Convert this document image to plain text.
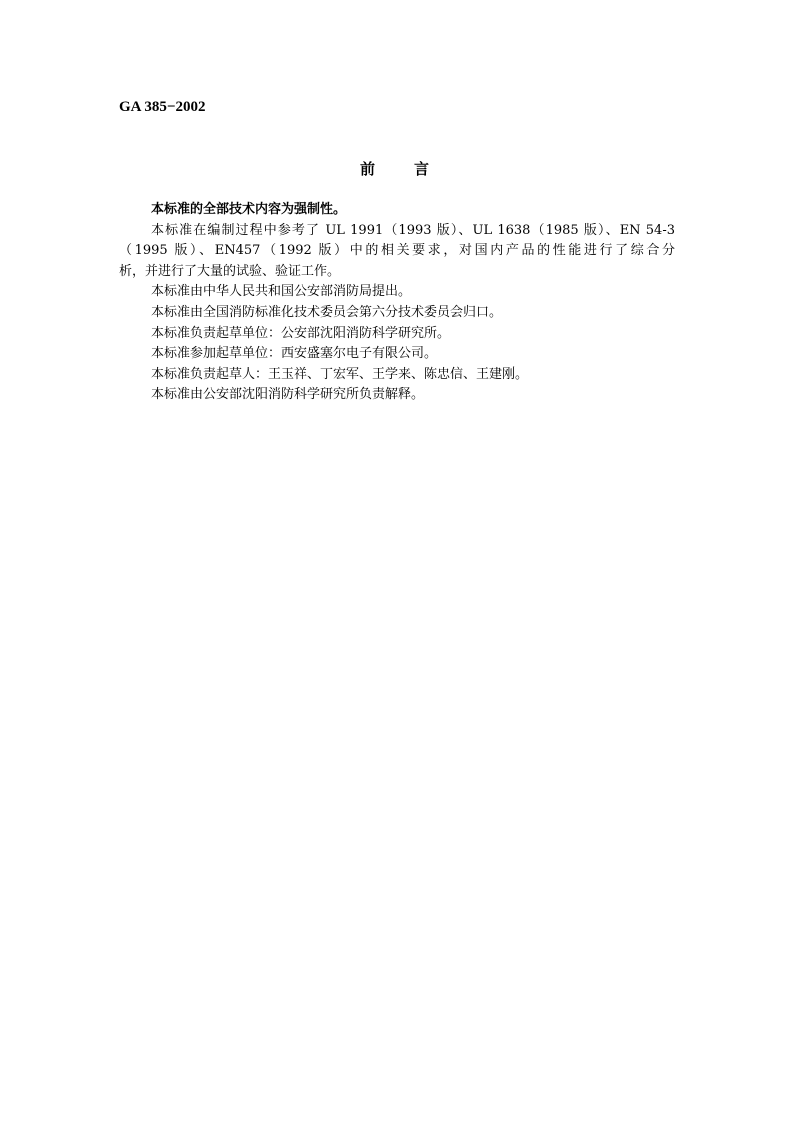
GA 385−2002
前	言

本标准的全部技术内容为强制性。

本标准在编制过程中参考了 UL 1991（1993 版）、UL 1638（1985 版）、EN 54-3
（1995 版）、EN457（1992 版）中的相关要求，对国内产品的性能进行了综合分
析，并进行了大量的试验、验证工作。

本标准由中华人民共和国公安部消防局提出。

本标准由全国消防标准化技术委员会第六分技术委员会归口。

本标准负责起草单位：公安部沈阳消防科学研究所。

本标准参加起草单位：西安盛塞尔电子有限公司。

本标准负责起草人：王玉祥、丁宏军、王学来、陈忠信、王建刚。

本标准由公安部沈阳消防科学研究所负责解释。
